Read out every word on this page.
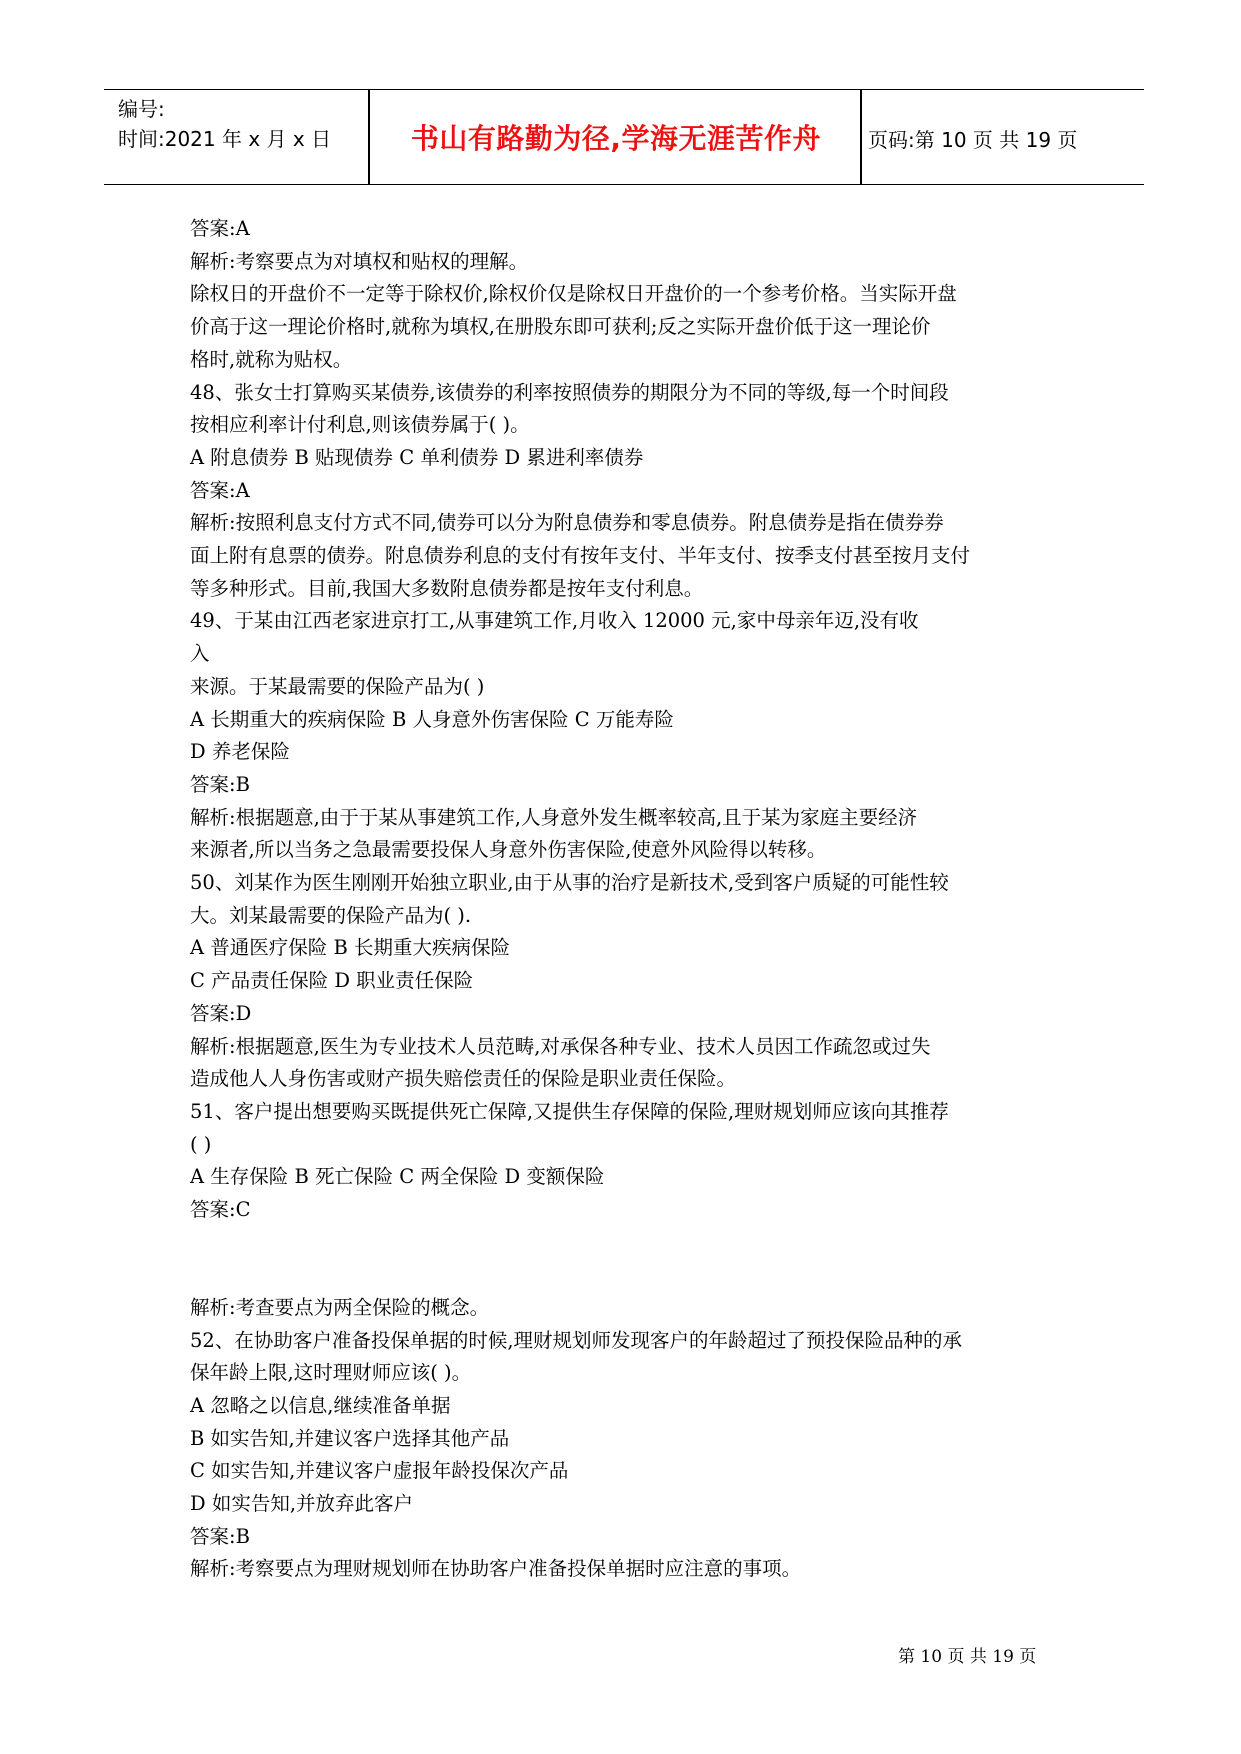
编号:
时间:2021 年 x 月 x 日	书山有路勤为径,学海无涯苦作舟	页码:第 10 页 共 19 页

答案:A

解析:考察要点为对填权和贴权的理解。

除权日的开盘价不一定等于除权价,除权价仅是除权日开盘价的一个参考价格。当实际开盘

价高于这一理论价格时,就称为填权,在册股东即可获利;反之实际开盘价低于这一理论价

格时,就称为贴权。

48、张女士打算购买某债券,该债券的利率按照债券的期限分为不同的等级,每一个时间段

按相应利率计付利息,则该债券属于( )。

A 附息债券 B 贴现债券 C 单利债券 D 累进利率债券

答案:A

解析:按照利息支付方式不同,债券可以分为附息债券和零息债券。附息债券是指在债券券

面上附有息票的债券。附息债券利息的支付有按年支付、半年支付、按季支付甚至按月支付

等多种形式。目前,我国大多数附息债券都是按年支付利息。

49、于某由江西老家进京打工,从事建筑工作,月收入 12000 元,家中母亲年迈,没有收

入

来源。于某最需要的保险产品为( )

A 长期重大的疾病保险 B 人身意外伤害保险 C 万能寿险

D 养老保险

答案:B

解析:根据题意,由于于某从事建筑工作,人身意外发生概率较高,且于某为家庭主要经济

来源者,所以当务之急最需要投保人身意外伤害保险,使意外风险得以转移。

50、刘某作为医生刚刚开始独立职业,由于从事的治疗是新技术,受到客户质疑的可能性较

大。刘某最需要的保险产品为( ).

A 普通医疗保险 B 长期重大疾病保险

C 产品责任保险 D 职业责任保险

答案:D

解析:根据题意,医生为专业技术人员范畴,对承保各种专业、技术人员因工作疏忽或过失

造成他人人身伤害或财产损失赔偿责任的保险是职业责任保险。

51、客户提出想要购买既提供死亡保障,又提供生存保障的保险,理财规划师应该向其推荐

( )

A 生存保险 B 死亡保险 C 两全保险 D 变额保险

答案:C

解析:考查要点为两全保险的概念。

52、在协助客户准备投保单据的时候,理财规划师发现客户的年龄超过了预投保险品种的承

保年龄上限,这时理财师应该( )。

A 忽略之以信息,继续准备单据

B 如实告知,并建议客户选择其他产品

C 如实告知,并建议客户虚报年龄投保次产品

D 如实告知,并放弃此客户

答案:B

解析:考察要点为理财规划师在协助客户准备投保单据时应注意的事项。

第 10 页 共 19 页
